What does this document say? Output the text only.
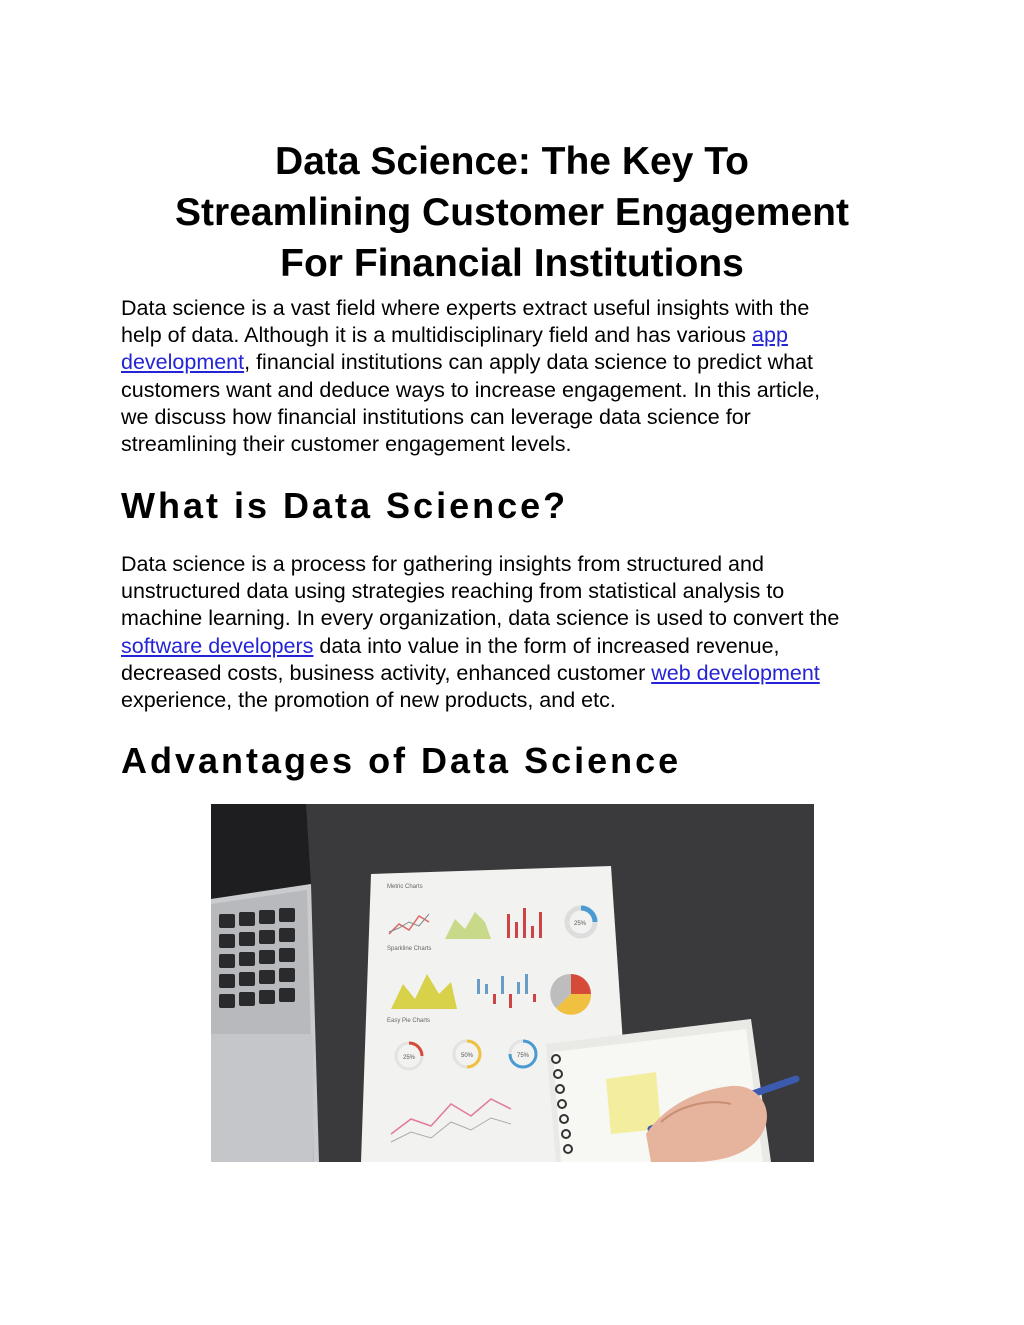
Data Science: The Key To
Streamlining Customer Engagement
For Financial Institutions

Data science is a vast field where experts extract useful insights with the
help of data. Although it is a multidisciplinary field and has various app
development, financial institutions can apply data science to predict what
customers want and deduce ways to increase engagement. In this article,
we discuss how financial institutions can leverage data science for
streamlining their customer engagement levels.

What is Data Science?

Data science is a process for gathering insights from structured and
unstructured data using strategies reaching from statistical analysis to
machine learning. In every organization, data science is used to convert the
software developers data into value in the form of increased revenue,
decreased costs, business activity, enhanced customer web development
experience, the promotion of new products, and etc.

Advantages of Data Science
Metric Charts
25%
Sparkline Charts
Easy Pie Charts
25%	50%	75%
